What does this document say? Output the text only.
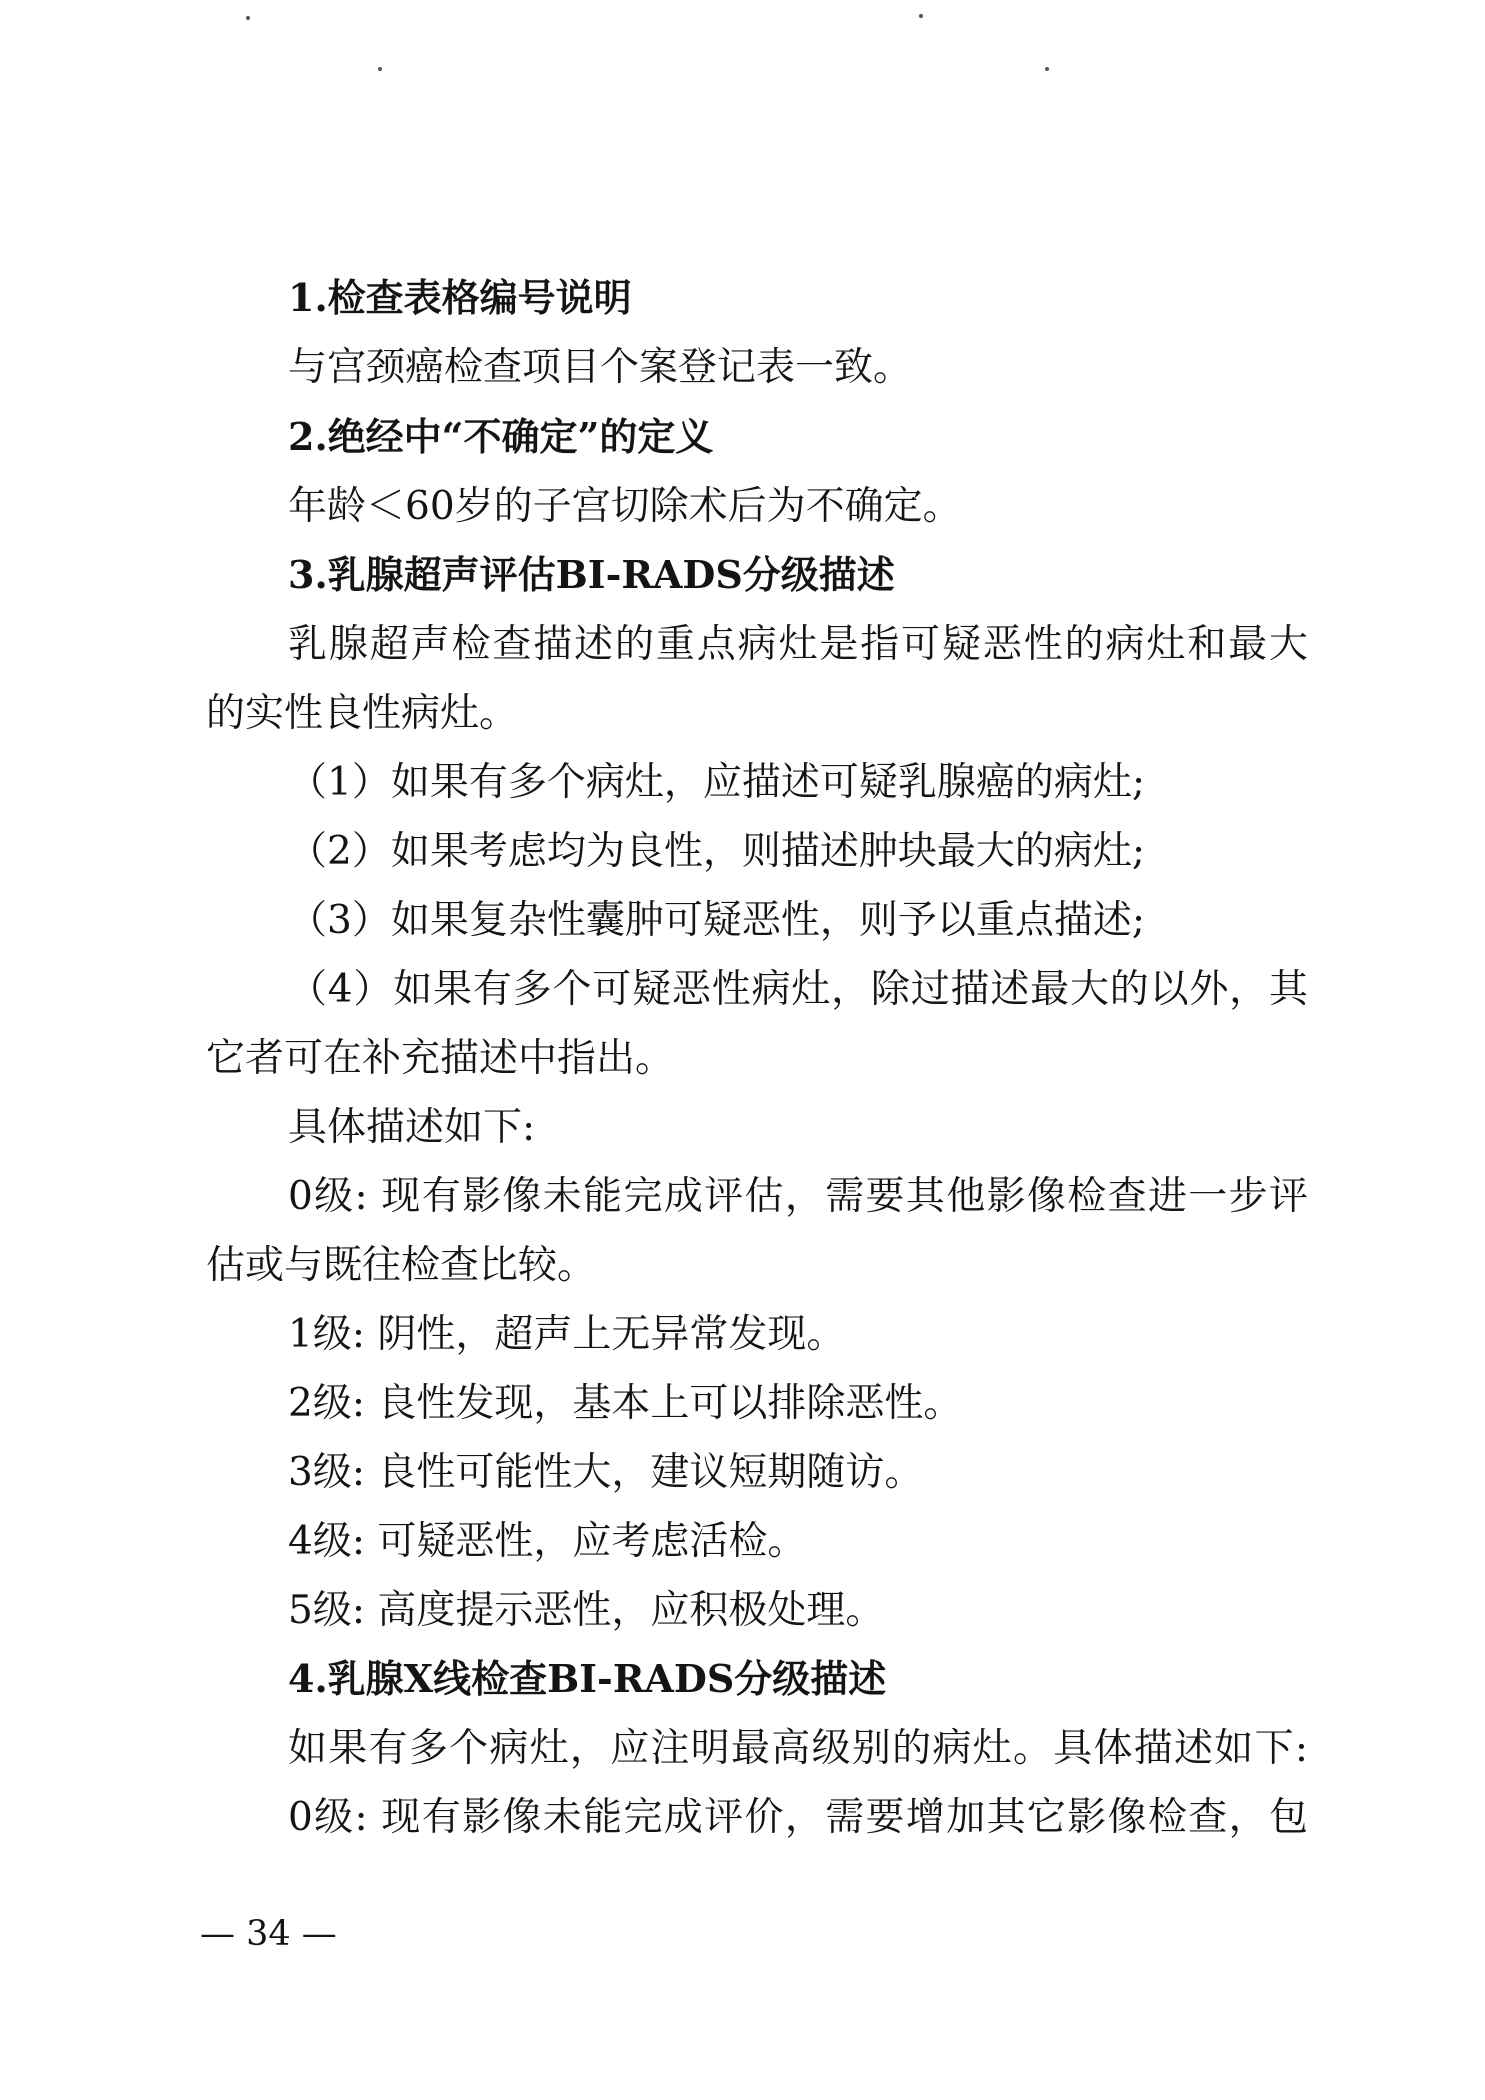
1.检查表格编号说明
与宫颈癌检查项目个案登记表一致。
2.绝经中“不确定”的定义
年龄＜60岁的子宫切除术后为不确定。
3.乳腺超声评估BI-RADS分级描述
乳腺超声检查描述的重点病灶是指可疑恶性的病灶和最大
的实性良性病灶。
（1）如果有多个病灶，应描述可疑乳腺癌的病灶;
（2）如果考虑均为良性，则描述肿块最大的病灶;
（3）如果复杂性囊肿可疑恶性，则予以重点描述;
（4）如果有多个可疑恶性病灶，除过描述最大的以外，其
它者可在补充描述中指出。
具体描述如下:
0级: 现有影像未能完成评估，需要其他影像检查进一步评
估或与既往检查比较。
1级: 阴性，超声上无异常发现。
2级: 良性发现，基本上可以排除恶性。
3级: 良性可能性大，建议短期随访。
4级: 可疑恶性，应考虑活检。
5级: 高度提示恶性，应积极处理。
4.乳腺X线检查BI-RADS分级描述
如果有多个病灶，应注明最高级别的病灶。具体描述如下:
0级: 现有影像未能完成评价，需要增加其它影像检查，包
— 34 —
